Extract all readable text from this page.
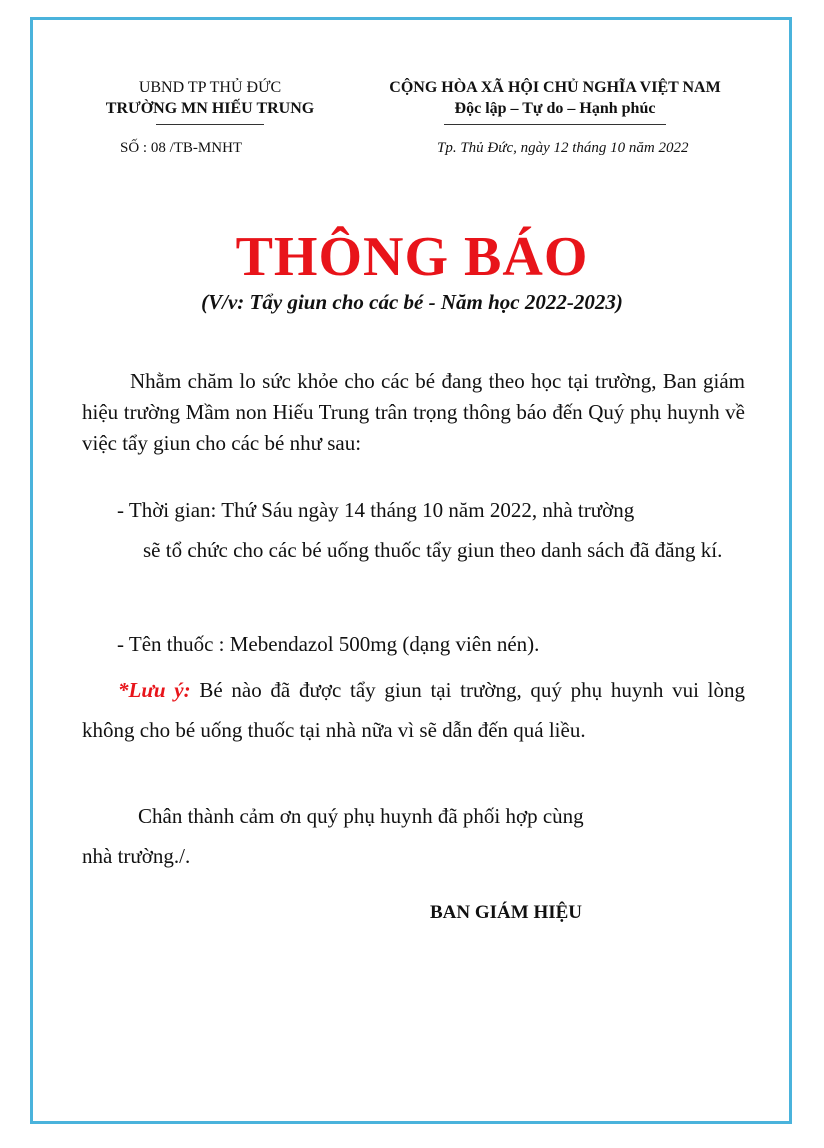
UBND TP THỦ ĐỨC
TRƯỜNG MN HIẾU TRUNG
CỘNG HÒA XÃ HỘI CHỦ NGHĨA VIỆT NAM
Độc lập – Tự do – Hạnh phúc
SỐ : 08 /TB-MNHT	Tp. Thủ Đức, ngày 12 tháng 10 năm 2022
THÔNG BÁO
(V/v: Tẩy giun cho các bé - Năm học 2022-2023)
Nhằm chăm lo sức khỏe cho các bé đang theo học tại trường, Ban giám hiệu trường Mầm non Hiếu Trung trân trọng thông báo đến Quý phụ huynh về việc tẩy giun cho các bé như sau:
- Thời gian: Thứ Sáu ngày 14 tháng 10 năm 2022, nhà trường
sẽ tổ chức cho các bé uống thuốc tẩy giun theo danh sách đã đăng kí.
- Tên thuốc : Mebendazol 500mg (dạng viên nén).
*Lưu ý: Bé nào đã được tẩy giun tại trường, quý phụ huynh vui lòng không cho bé uống thuốc tại nhà nữa vì sẽ dẫn đến quá liều.
Chân thành cảm ơn quý phụ huynh đã phối hợp cùng
nhà trường./.
BAN GIÁM HIỆU
